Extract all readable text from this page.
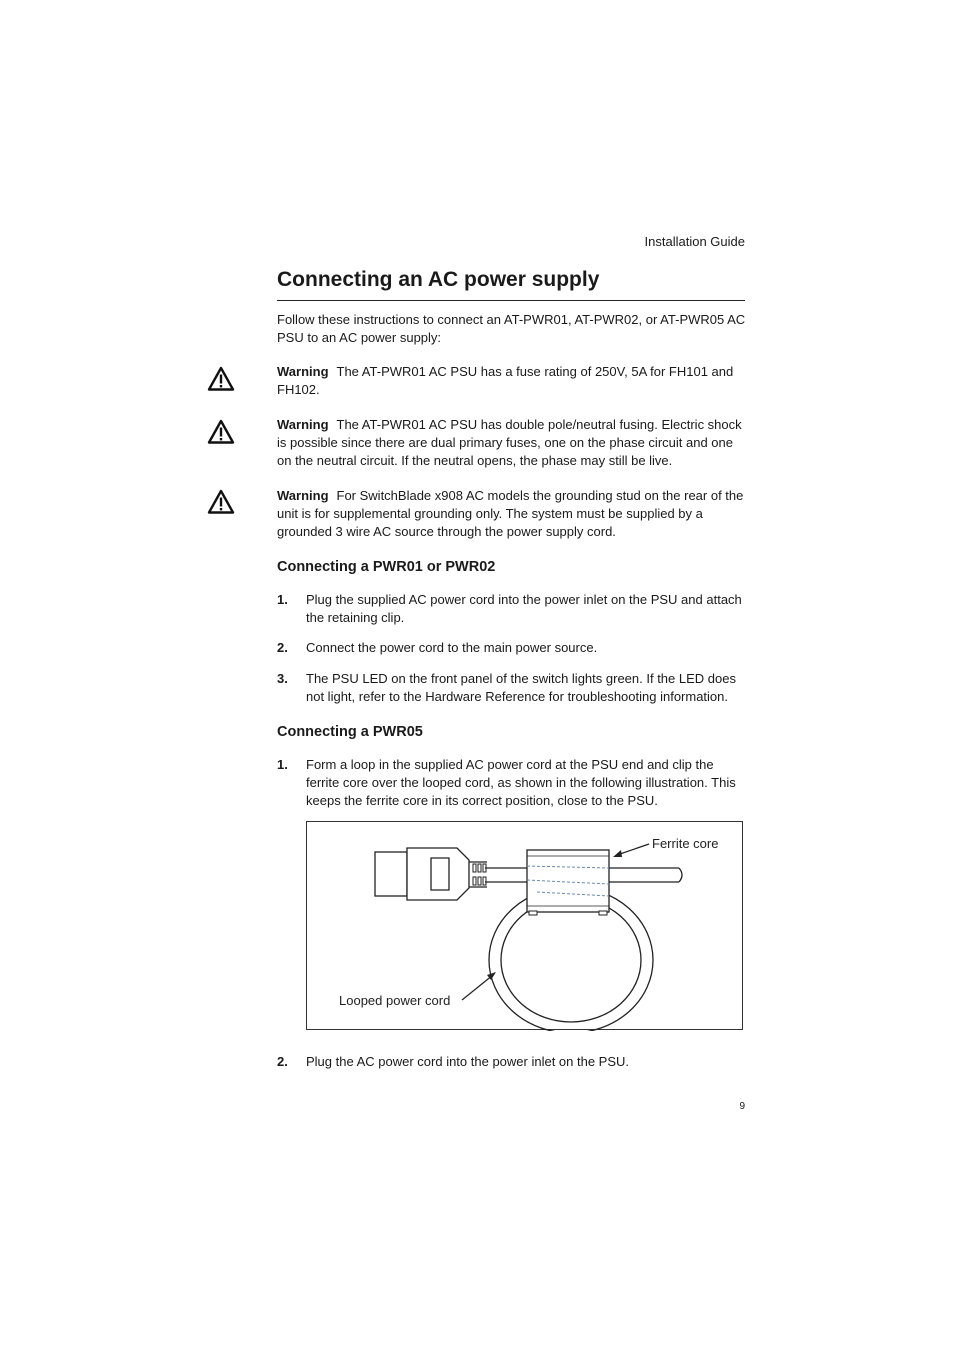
Installation Guide
Connecting an AC power supply
Follow these instructions to connect an AT-PWR01, AT-PWR02, or AT-PWR05 AC PSU to an AC power supply:
Warning The AT-PWR01 AC PSU has a fuse rating of 250V, 5A for FH101 and FH102.
Warning The AT-PWR01 AC PSU has double pole/neutral fusing. Electric shock is possible since there are dual primary fuses, one on the phase circuit and one on the neutral circuit. If the neutral opens, the phase may still be live.
Warning For SwitchBlade x908 AC models the grounding stud on the rear of the unit is for supplemental grounding only. The system must be supplied by a grounded 3 wire AC source through the power supply cord.
Connecting a PWR01 or PWR02
1. Plug the supplied AC power cord into the power inlet on the PSU and attach the retaining clip.
2. Connect the power cord to the main power source.
3. The PSU LED on the front panel of the switch lights green. If the LED does not light, refer to the Hardware Reference for troubleshooting information.
Connecting a PWR05
1. Form a loop in the supplied AC power cord at the PSU end and clip the ferrite core over the looped cord, as shown in the following illustration. This keeps the ferrite core in its correct position, close to the PSU.
Ferrite core
Looped power cord
2. Plug the AC power cord into the power inlet on the PSU.
9
